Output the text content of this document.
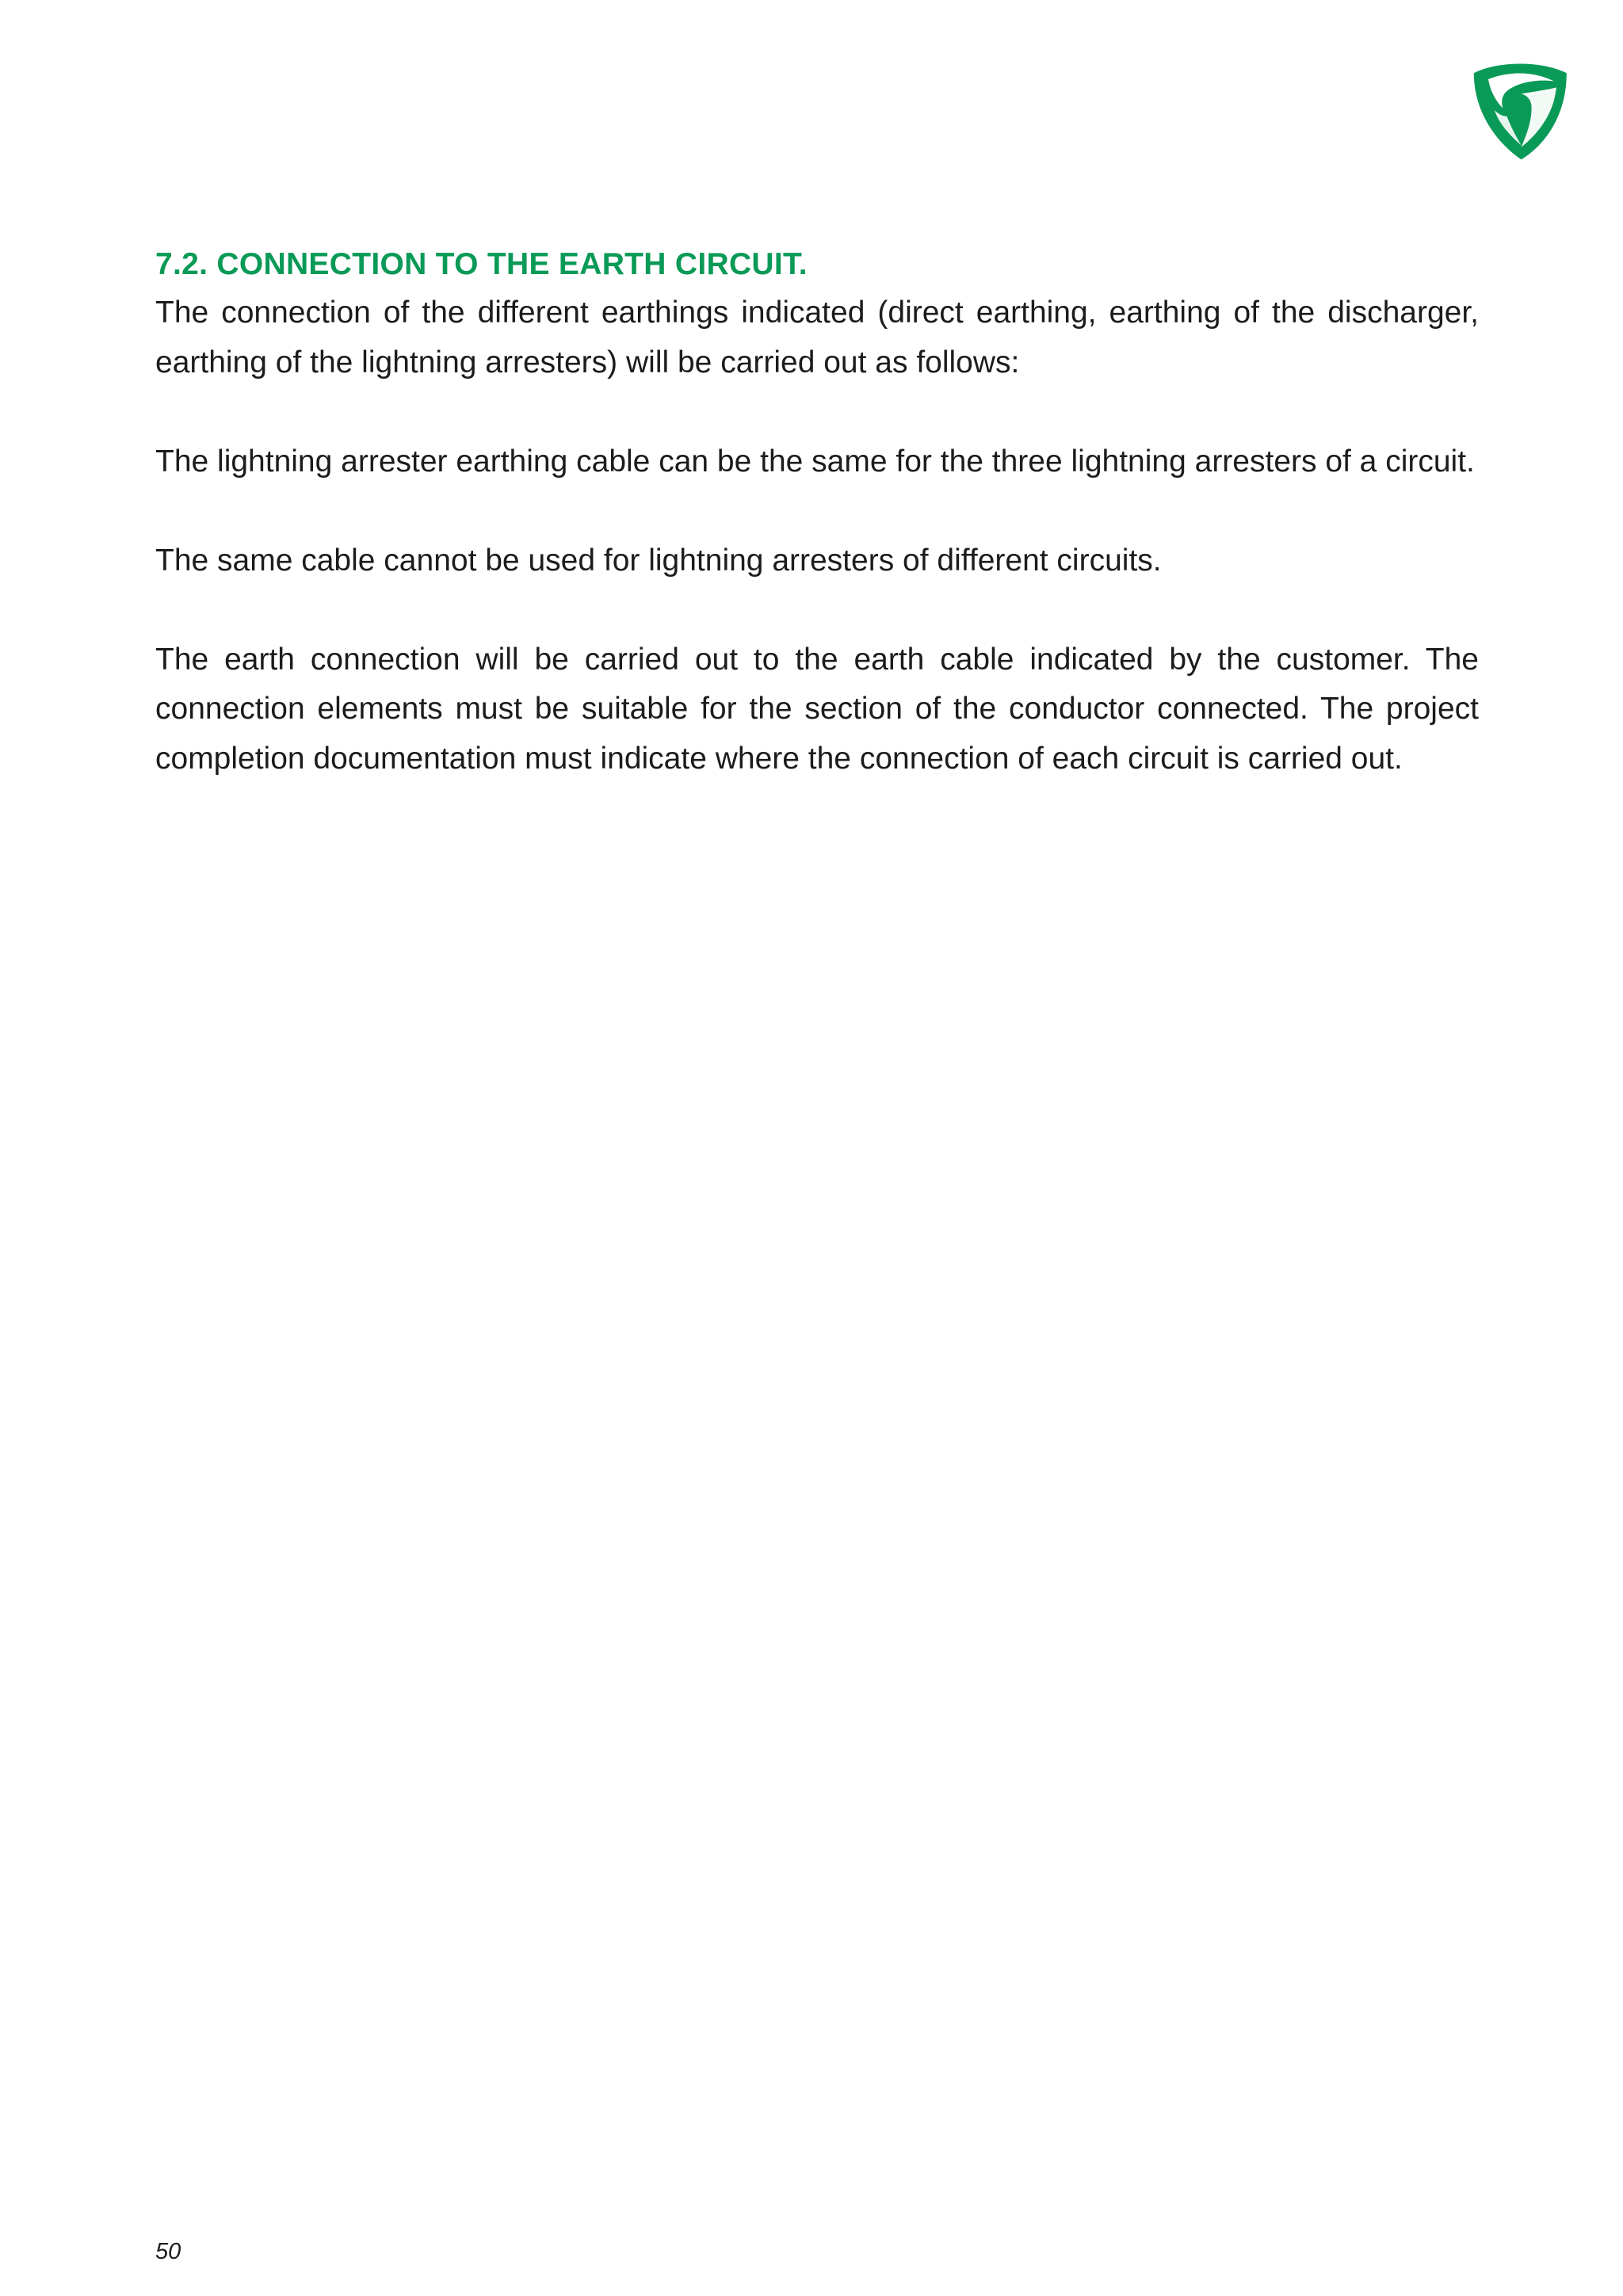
7.2. CONNECTION TO THE EARTH CIRCUIT.

The connection of the different earthings indicated (direct earthing, earthing of the discharger, earthing of the lightning arresters) will be carried out as follows:

The lightning arrester earthing cable can be the same for the three lightning arresters of a circuit.

The same cable cannot be used for lightning arresters of different circuits.

The earth connection will be carried out to the earth cable indicated by the customer. The connection elements must be suitable for the section of the conductor connected. The project completion documentation must indicate where the connection of each circuit is carried out.

50
